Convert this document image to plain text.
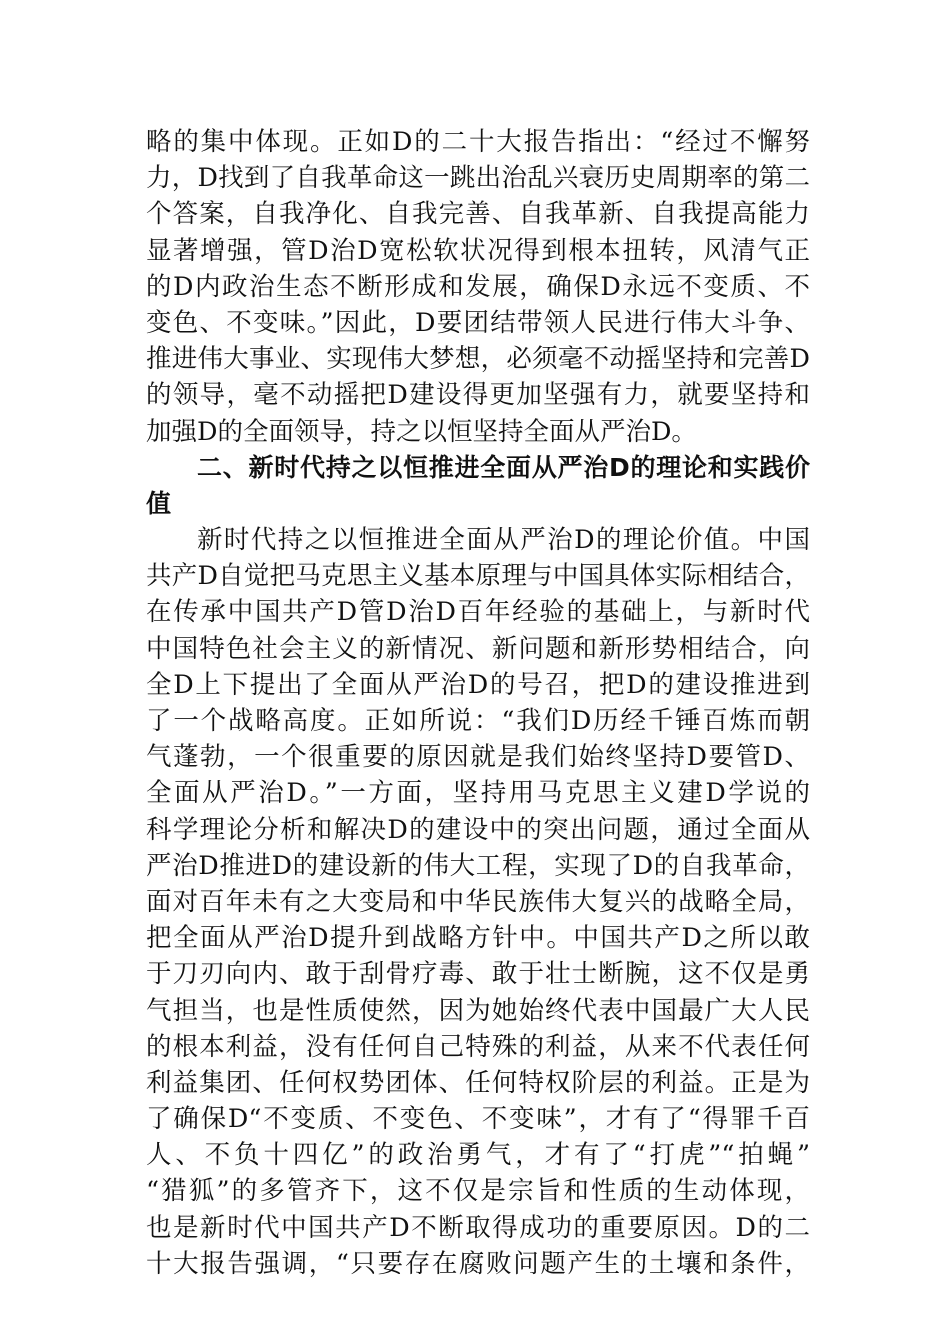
略的集中体现。正如D的二十大报告指出：“经过不懈努
力，D找到了自我革命这一跳出治乱兴衰历史周期率的第二
个答案，自我净化、自我完善、自我革新、自我提高能力
显著增强，管D治D宽松软状况得到根本扭转，风清气正
的D内政治生态不断形成和发展，确保D永远不变质、不
变色、不变味。”因此，D要团结带领人民进行伟大斗争、
推进伟大事业、实现伟大梦想，必须毫不动摇坚持和完善D
的领导，毫不动摇把D建设得更加坚强有力，就要坚持和
加强D的全面领导，持之以恒坚持全面从严治D。
二、新时代持之以恒推进全面从严治D的理论和实践价
值
新时代持之以恒推进全面从严治D的理论价值。中国
共产D自觉把马克思主义基本原理与中国具体实际相结合，
在传承中国共产D管D治D百年经验的基础上，与新时代
中国特色社会主义的新情况、新问题和新形势相结合，向
全D上下提出了全面从严治D的号召，把D的建设推进到
了一个战略高度。正如所说：“我们D历经千锤百炼而朝
气蓬勃，一个很重要的原因就是我们始终坚持D要管D、
全面从严治D。”一方面，坚持用马克思主义建D学说的
科学理论分析和解决D的建设中的突出问题，通过全面从
严治D推进D的建设新的伟大工程，实现了D的自我革命，
面对百年未有之大变局和中华民族伟大复兴的战略全局，
把全面从严治D提升到战略方针中。中国共产D之所以敢
于刀刃向内、敢于刮骨疗毒、敢于壮士断腕，这不仅是勇
气担当，也是性质使然，因为她始终代表中国最广大人民
的根本利益，没有任何自己特殊的利益，从来不代表任何
利益集团、任何权势团体、任何特权阶层的利益。正是为
了确保D“不变质、不变色、不变味”，才有了“得罪千百
人、不负十四亿”的政治勇气，才有了“打虎”“拍蝇”
“猎狐”的多管齐下，这不仅是宗旨和性质的生动体现，
也是新时代中国共产D不断取得成功的重要原因。D的二
十大报告强调，“只要存在腐败问题产生的土壤和条件，
